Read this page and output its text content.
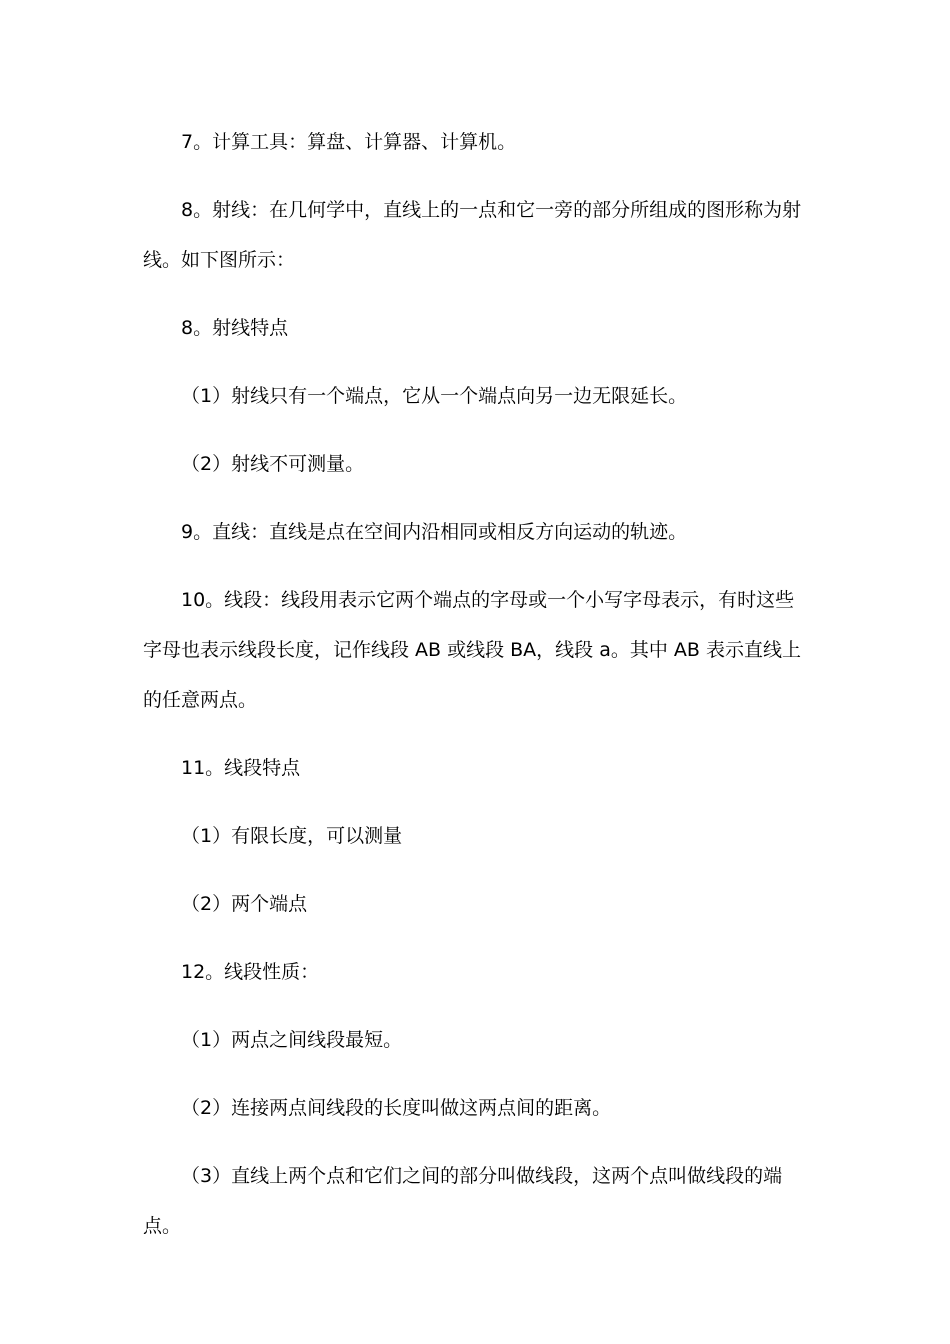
7。计算工具：算盘、计算器、计算机。

8。射线：在几何学中，直线上的一点和它一旁的部分所组成的图形称为射线。如下图所示：

8。射线特点

（1）射线只有一个端点，它从一个端点向另一边无限延长。

（2）射线不可测量。

9。直线：直线是点在空间内沿相同或相反方向运动的轨迹。

10。线段：线段用表示它两个端点的字母或一个小写字母表示，有时这些字母也表示线段长度，记作线段 AB 或线段 BA，线段 a。其中 AB 表示直线上的任意两点。

11。线段特点

（1）有限长度，可以测量

（2）两个端点

12。线段性质：

（1）两点之间线段最短。

（2）连接两点间线段的长度叫做这两点间的距离。

（3）直线上两个点和它们之间的部分叫做线段，这两个点叫做线段的端点。
